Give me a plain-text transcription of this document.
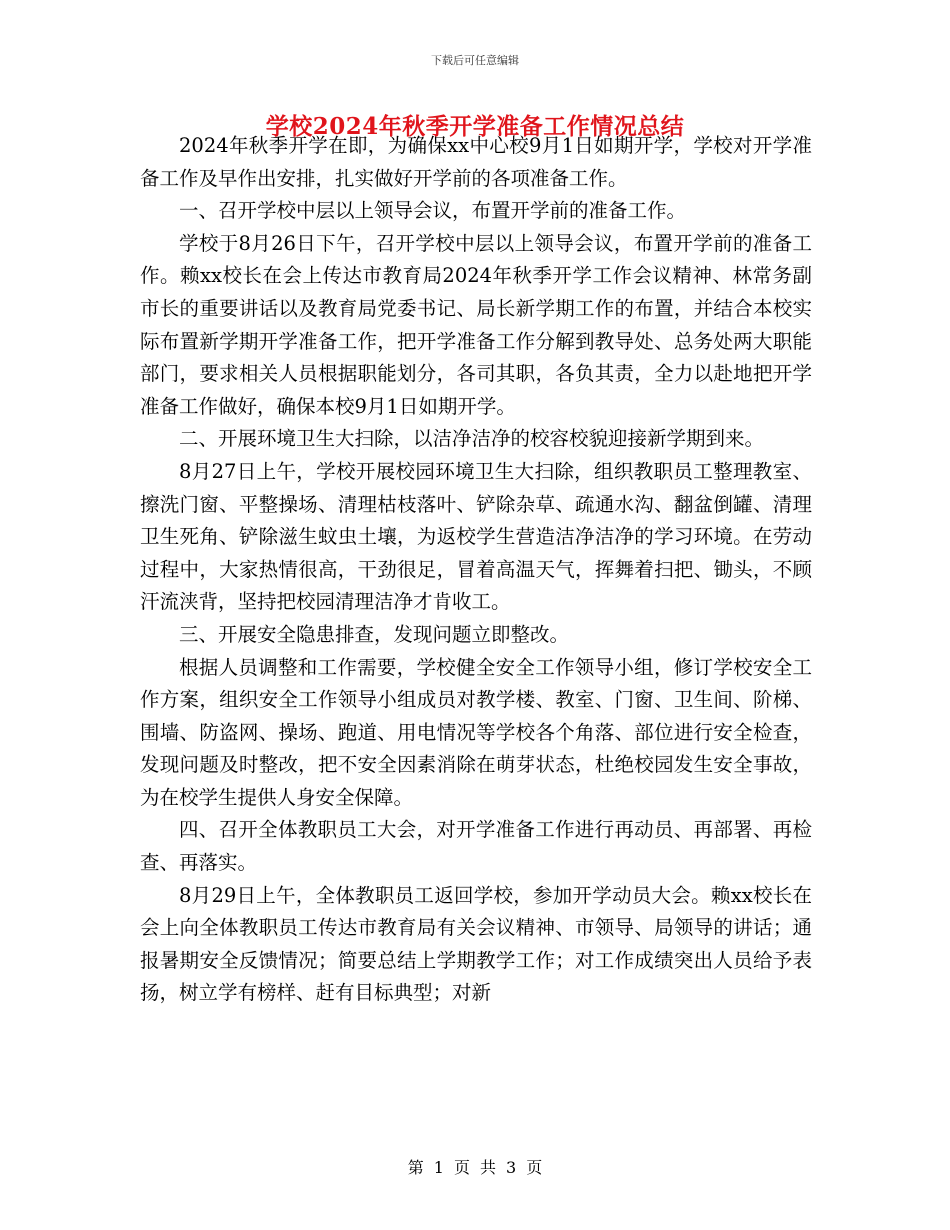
下载后可任意编辑
学校2024年秋季开学准备工作情况总结

2024年秋季开学在即，为确保xx中心校9月1日如期开学，学校对开学准备工作及早作出安排，扎实做好开学前的各项准备工作。

一、召开学校中层以上领导会议，布置开学前的准备工作。

学校于8月26日下午，召开学校中层以上领导会议，布置开学前的准备工作。赖xx校长在会上传达市教育局2024年秋季开学工作会议精神、林常务副市长的重要讲话以及教育局党委书记、局长新学期工作的布置，并结合本校实际布置新学期开学准备工作，把开学准备工作分解到教导处、总务处两大职能部门，要求相关人员根据职能划分，各司其职，各负其责，全力以赴地把开学准备工作做好，确保本校9月1日如期开学。

二、开展环境卫生大扫除，以洁净洁净的校容校貌迎接新学期到来。

8月27日上午，学校开展校园环境卫生大扫除，组织教职员工整理教室、擦洗门窗、平整操场、清理枯枝落叶、铲除杂草、疏通水沟、翻盆倒罐、清理卫生死角、铲除滋生蚊虫土壤，为返校学生营造洁净洁净的学习环境。在劳动过程中，大家热情很高，干劲很足，冒着高温天气，挥舞着扫把、锄头，不顾汗流浃背，坚持把校园清理洁净才肯收工。

三、开展安全隐患排查，发现问题立即整改。

根据人员调整和工作需要，学校健全安全工作领导小组，修订学校安全工作方案，组织安全工作领导小组成员对教学楼、教室、门窗、卫生间、阶梯、围墙、防盗网、操场、跑道、用电情况等学校各个角落、部位进行安全检查，发现问题及时整改，把不安全因素消除在萌芽状态，杜绝校园发生安全事故，为在校学生提供人身安全保障。

四、召开全体教职员工大会，对开学准备工作进行再动员、再部署、再检查、再落实。

8月29日上午，全体教职员工返回学校，参加开学动员大会。赖xx校长在会上向全体教职员工传达市教育局有关会议精神、市领导、局领导的讲话；通报暑期安全反馈情况；简要总结上学期教学工作；对工作成绩突出人员给予表扬，树立学有榜样、赶有目标典型；对新

第 1 页 共 3 页
